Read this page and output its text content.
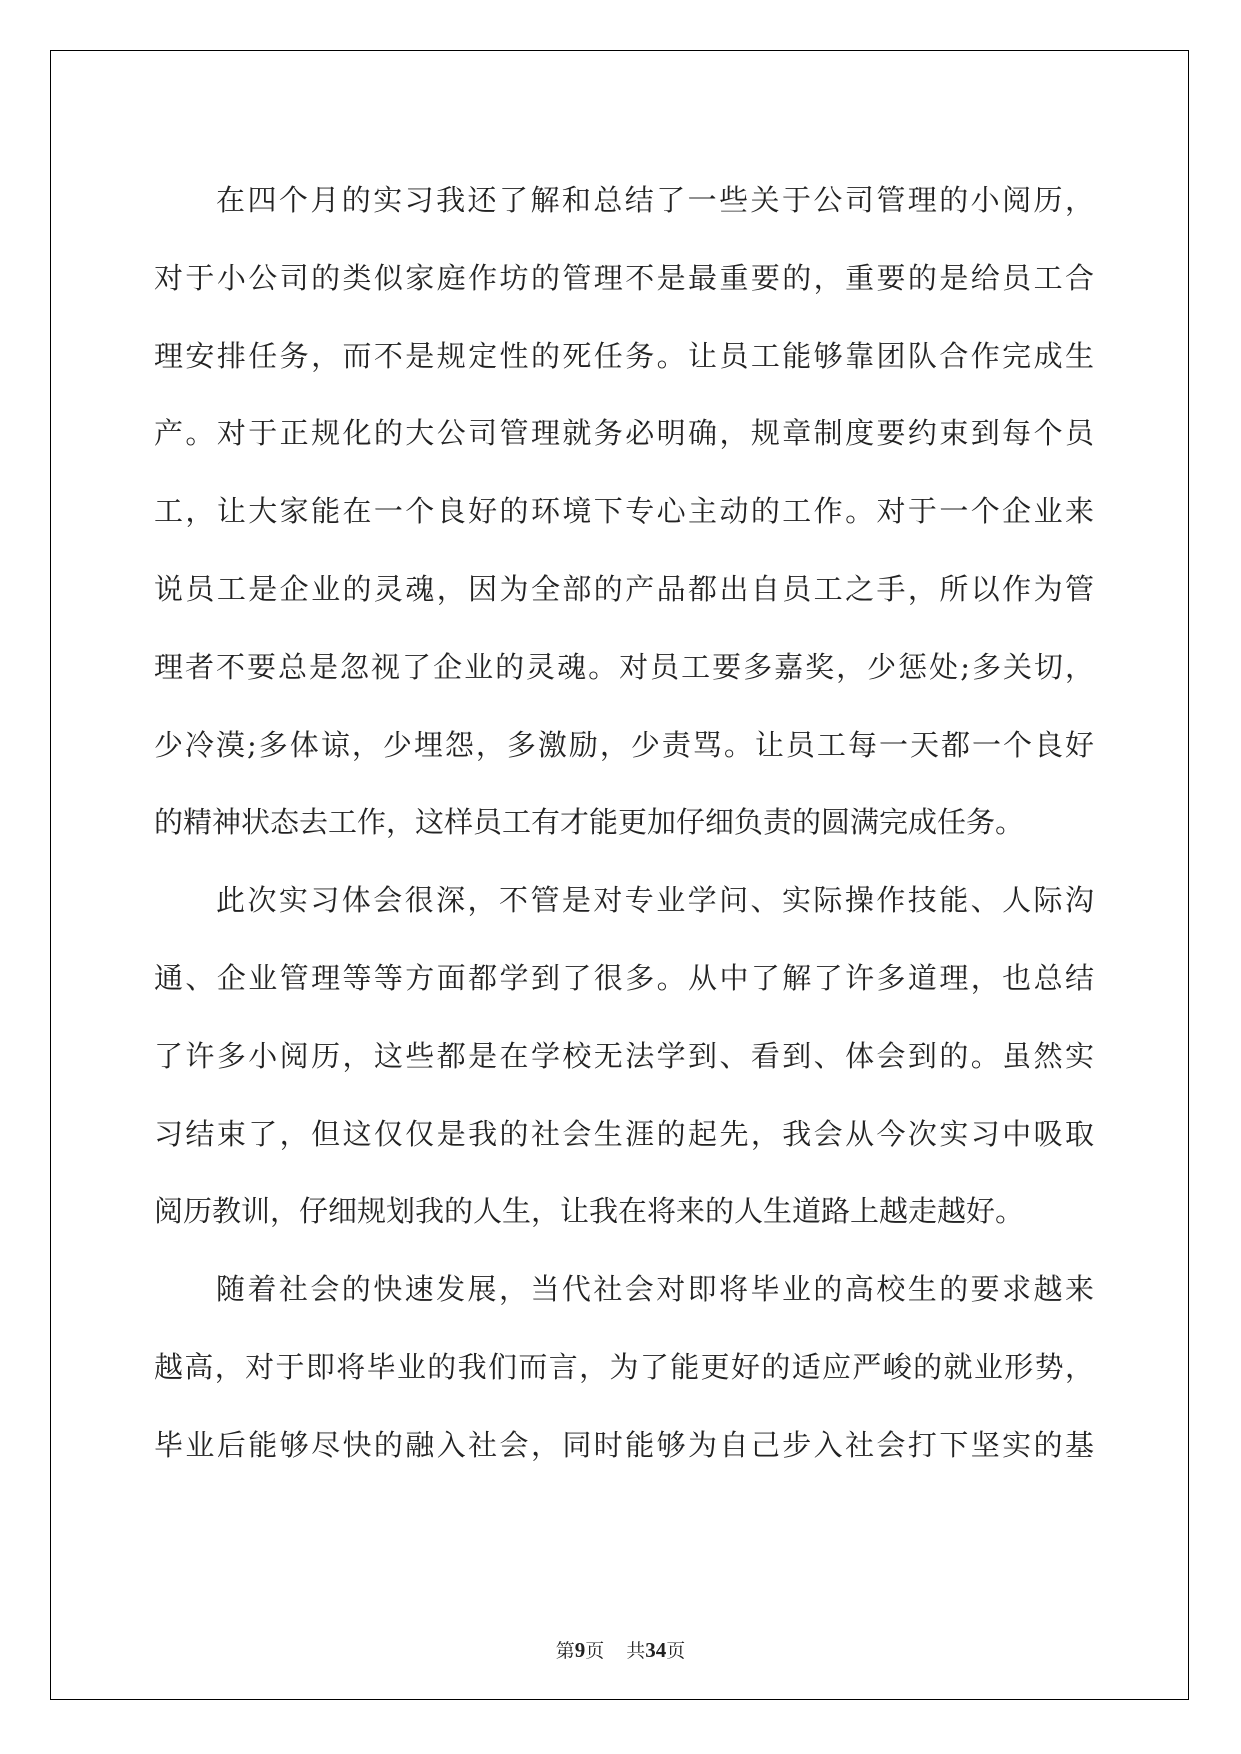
在四个月的实习我还了解和总结了一些关于公司管理的小阅历，
对于小公司的类似家庭作坊的管理不是最重要的，重要的是给员工合
理安排任务，而不是规定性的死任务。让员工能够靠团队合作完成生
产。对于正规化的大公司管理就务必明确，规章制度要约束到每个员
工，让大家能在一个良好的环境下专心主动的工作。对于一个企业来
说员工是企业的灵魂，因为全部的产品都出自员工之手，所以作为管
理者不要总是忽视了企业的灵魂。对员工要多嘉奖，少惩处;多关切，
少冷漠;多体谅，少埋怨，多激励，少责骂。让员工每一天都一个良好
的精神状态去工作，这样员工有才能更加仔细负责的圆满完成任务。
此次实习体会很深，不管是对专业学问、实际操作技能、人际沟
通、企业管理等等方面都学到了很多。从中了解了许多道理，也总结
了许多小阅历，这些都是在学校无法学到、看到、体会到的。虽然实
习结束了，但这仅仅是我的社会生涯的起先，我会从今次实习中吸取
阅历教训，仔细规划我的人生，让我在将来的人生道路上越走越好。
随着社会的快速发展，当代社会对即将毕业的高校生的要求越来
越高，对于即将毕业的我们而言，为了能更好的适应严峻的就业形势，
毕业后能够尽快的融入社会，同时能够为自己步入社会打下坚实的基
第9页 共34页
